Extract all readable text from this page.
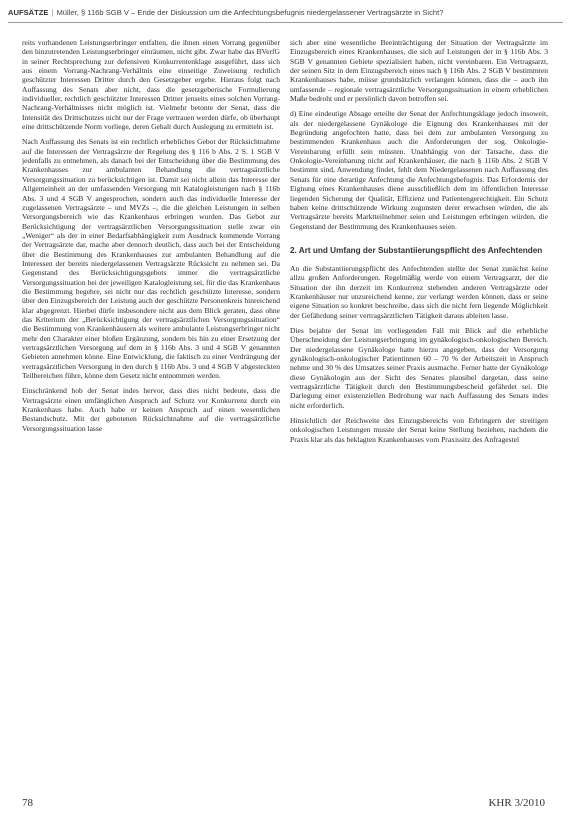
AUFSÄTZE | Müller, § 116b SGB V – Ende der Diskussion um die Anfechtungsbefugnis niedergelassener Vertragsärzte in Sicht?

reits vorhandenen Leistungserbringer entfalten, die ihnen einen Vorrang gegenüber den hinzutretenden Leistungserbringer einräumen, nicht gibt. Zwar habe das BVerfG in seiner Rechtsprechung zur defensiven Konkurrentenklage ausgeführt, dass sich aus einem Vorrang-Nachrang-Verhältnis eine einseitige Zuweisung rechtlich geschützter Interessen Dritter durch den Gesetzgeber ergebe. Hieraus folgt nach Auffassung des Senats aber nicht, dass die gesetzgeberische Formulierung individueller, rechtlich geschützter Interessen Dritter jenseits eines solchen Vorrang-Nachrang-Verhältnisses nicht möglich ist. Vielmehr betonte der Senat, dass die Intensität des Drittschutzes nicht nur der Frage vertrauen werden dürfe, ob überhaupt eine drittschützende Norm vorliege, deren Gehalt durch Auslegung zu ermitteln ist.

Nach Auffassung des Senats ist ein rechtlich erhebliches Gebot der Rücksichtnahme auf die Interessen der Vertragsärzte der Regelung des § 116 b Abs. 2 S. 1 SGB V jedenfalls zu entnehmen, als danach bei der Entscheidung über die Bestimmung des Krankenhauses zur ambulanten Behandlung die vertragsärztliche Versorgungssituation zu berücksichtigen ist. Damit sei nicht allein das Interesse der Allgemeinheit an der umfassenden Versorgung mit Katalogleistungen nach § 116b Abs. 3 und 4 SGB V angesprochen, sondern auch das individuelle Interesse der zugelassenen Vertragsärzte – und MVZs –, die die gleichen Leistungen in selben Versorgungsbereich wie das Krankenhaus erbringen wurden. Das Gebot zur Berücksichtigung der vertragsärztlichen Versorgungssituation stelle zwar ein „Weniger“ als der in einer Bedarfsabhängigkeit zum Ausdruck kommende Vorrang der Vertragsärzte dar, mache aber dennoch deutlich, dass auch bei der Entscheidung über die Bestimmung des Krankenhauses zur ambulanten Behandlung auf die Interessen der bereits niedergelassenen Vertragsärzte Rücksicht zu nehmen sei. Da Gegenstand des Berücksichtigungsgebots immer die vertragsärztliche Versorgungssituation bei der jeweiligen Katalogleistung sei, für die das Krankenhaus die Bestimmung begehre, sei nicht nur das rechtlich geschützte Interesse, sondern über den Einzugsbereich der Leistung auch der geschützte Personenkreis hinreichend klar abgegrenzt. Hierbei dürfe insbesondere nicht aus dem Blick geraten, dass ohne das Kriterium der „Berücksichtigung der vertragsärztlichen Versorgungssituation“ die Bestimmung von Krankenhäusern als weitere ambulante Leistungserbringer nicht mehr den Charakter einer bloßen Ergänzung, sondern bis hin zu einer Ersetzung der vertragsärztlichen Versorgung auf dem in § 116b Abs. 3 und 4 SGB V genannten Gebieten annehmen könne. Eine Entwicklung, die faktisch zu einer Verdrängung der vertragsärztlichen Versorgung in den durch § 116b Abs. 3 und 4 SGB V abgesteckten Teilbereichen führe, könne dem Gesetz nicht entnommen werden.

Einschränkend hob der Senat indes hervor, dass dies nicht bedeute, dass die Vertragsärzte einen umfänglichen Anspruch auf Schutz vor Konkurrenz durch ein Krankenhaus habe. Auch habe er keinen Anspruch auf einen wesentlichen Bestandschutz. Mit der gebotenen Rücksichtnahme auf die vertragsärztliche Versorgungssituation lasse

sich aber eine wesentliche Beeinträchtigung der Situation der Vertragsärzte im Einzugsbereich eines Krankenhauses, die sich auf Leistungen der in § 116b Abs. 3 SGB V genannten Gebiete spezialisiert haben, nicht vereinbaren. Ein Vertragsarzt, der seinen Sitz in dem Einzugsbereich eines nach § 116b Abs. 2 SGB V bestimmten Krankenhauses habe, müsse grundsätzlich verlangen können, dass die – auch ihn umfassende – regionale vertragsärztliche Versorgungssituation in einem erheblichen Maße bedroht und er persönlich davon betroffen sei.

d) Eine eindeutige Absage erteilte der Senat der Anfechtungsklage jedoch insoweit, als der niedergelassene Gynäkologe die Eignung des Krankenhauses mit der Begründung angefochten hatte, dass bei dem zur ambulanten Versorgung zu bestimmenden Krankenhaus auch die Anforderungen der sog. Onkologie-Vereinbarung erfüllt sein müssten. Unabhängig von der Tatsache, dass die Onkologie-Vereinbarung nicht auf Krankenhäuser, die nach § 116b Abs. 2 SGB V bestimmt sind, Anwendung findet, fehlt dem Niedergelassenen nach Auffassung des Senats für eine derartige Anfechtung die Anfechtungsbefugnis. Das Erfordernis der Eignung eines Krankenhauses diene ausschließlich dem im öffentlichen Interesse liegenden Sicherung der Qualität, Effizienz und Patientengerechtigkeit. Ein Schutz haben keine drittschützende Wirkung zugunsten derer erwachsen würden, die als Vertragsärzte bereits Marktteilnehmer seien und Leistungen erbringen würden, die Gegenstand der Bestimmung des Krankenhauses seien.

2. Art und Umfang der Substantiierungspflicht des Anfechtenden

An die Substantiierungspflicht des Anfechtenden stellte der Senat zunächst keine allzu großen Anforderungen. Regelmäßig werde von einem Vertragsarzt, der die Situation der ihn derzeit im Konkurrenz stehenden anderen Vertragsärzte oder Krankenhäuser nur unzureichend kenne, zur verlangt werden können, dass er seine eigene Situation so konkret beschreibe, dass sich die nicht fern liegende Möglichkeit der Gefährdung seiner vertragsärztlichen Tätigkeit daraus ableiten lasse.

Dies bejahte der Senat im vorliegenden Fall mit Blick auf die erhebliche Überschneidung der Leistungserbringung im gynäkologisch-onkologischen Bereich. Der niedergelassene Gynäkologe hatte hierzu angegeben, dass der Versorgung gynäkologisch-onkologischer Patientinnen 60 – 70 % der Arbeitszeit in Anspruch nehme und 30 % des Umsatzes seiner Praxis ausmache. Ferner hatte der Gynäkologe diese Gynäkologin aus der Sicht des Senates plausibel dargetan, dass seine vertragsärztliche Tätigkeit durch den Bestimmungsbescheid gefährdet sei. Die Darlegung einer existenziellen Bedrohung war nach Auffassung des Senats indes nicht erforderlich.

Hinsichtlich der Reichweite des Einzugsbereichs von Erbringern der streitigen onkologischen Leistungen musste der Senat keine Stellung beziehen, nachdem die Praxis klar als das beklagten Krankenhauses vom Praxissitz des Anfragestel

78	KHR 3/2010
